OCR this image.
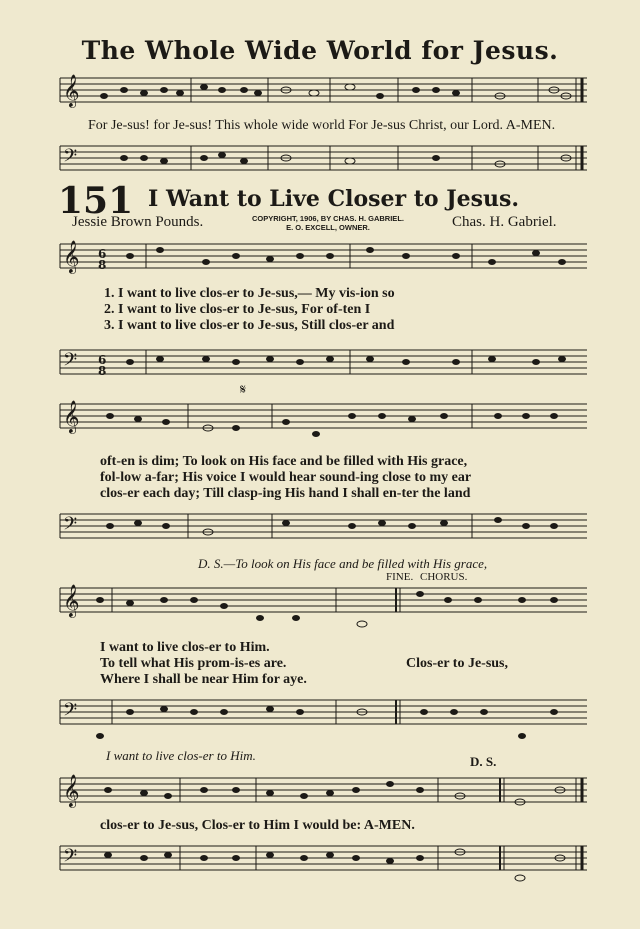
The Whole Wide World for Jesus.
𝄞
For Je-sus! for Je-sus! This whole wide world For Je-sus Christ, our Lord. A-MEN.
𝄢
151 I Want to Live Closer to Jesus.
Jessie Brown Pounds.	COPYRIGHT, 1906, BY CHAS. H. GABRIEL.
E. O. EXCELL, OWNER.	Chas. H. Gabriel.
𝄞 6
8
1. I want to live clos-er to Je-sus,— My vis-ion so
2. I want to live clos-er to Je-sus, For of-ten I
3. I want to live clos-er to Je-sus, Still clos-er and
𝄢 6
8
𝄞
𝄋
oft-en is dim; To look on His face and be filled with His grace,
fol-low a-far; His voice I would hear sound-ing close to my ear
clos-er each day; Till clasp-ing His hand I shall en-ter the land
𝄢
D. S.—To look on His face and be filled with His grace,
FINE. CHORUS.
𝄞
I want to live clos-er to Him.
Clos-er to Je-sus,
To tell what His prom-is-es are.
Where I shall be near Him for aye.
𝄢
I want to live clos-er to Him.	D. S.
𝄞
clos-er to Je-sus, Clos-er to Him I would be: A-MEN.
𝄢
